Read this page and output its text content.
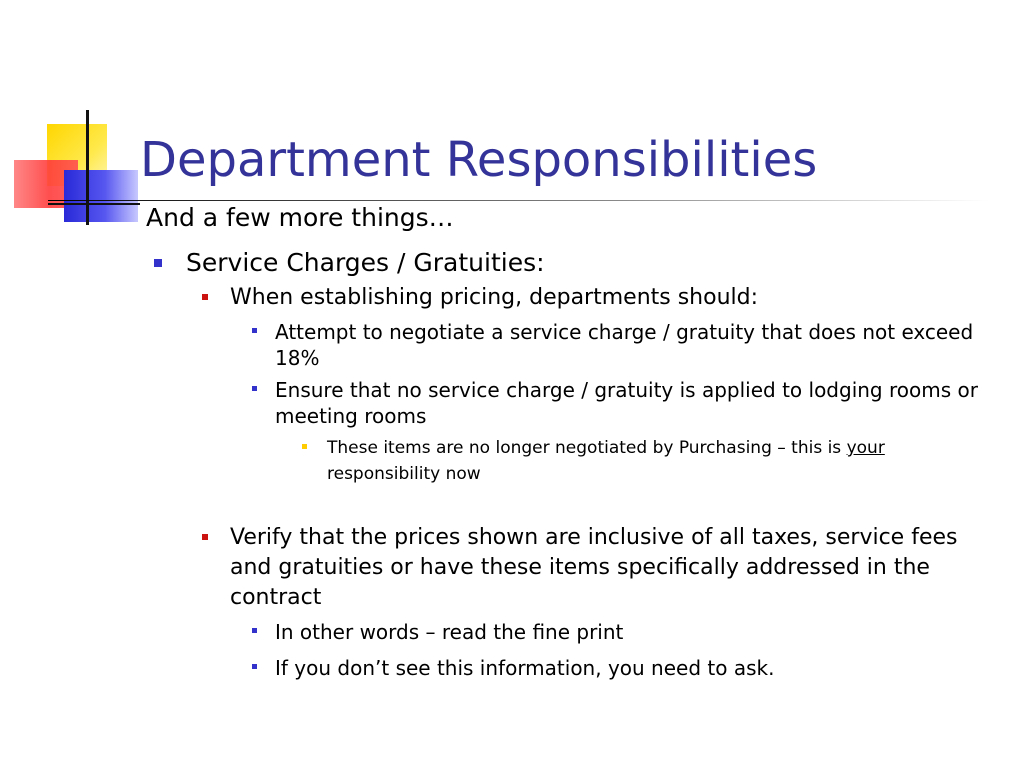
Department Responsibilities
And a few more things…
Service Charges / Gratuities:
When establishing pricing, departments should:
Attempt to negotiate a service charge / gratuity that does not exceed 18%
Ensure that no service charge / gratuity is applied to lodging rooms or meeting rooms
These items are no longer negotiated by Purchasing – this is your responsibility now
Verify that the prices shown are inclusive of all taxes, service fees and gratuities or have these items specifically addressed in the contract
In other words – read the fine print
If you don’t see this information, you need to ask.
